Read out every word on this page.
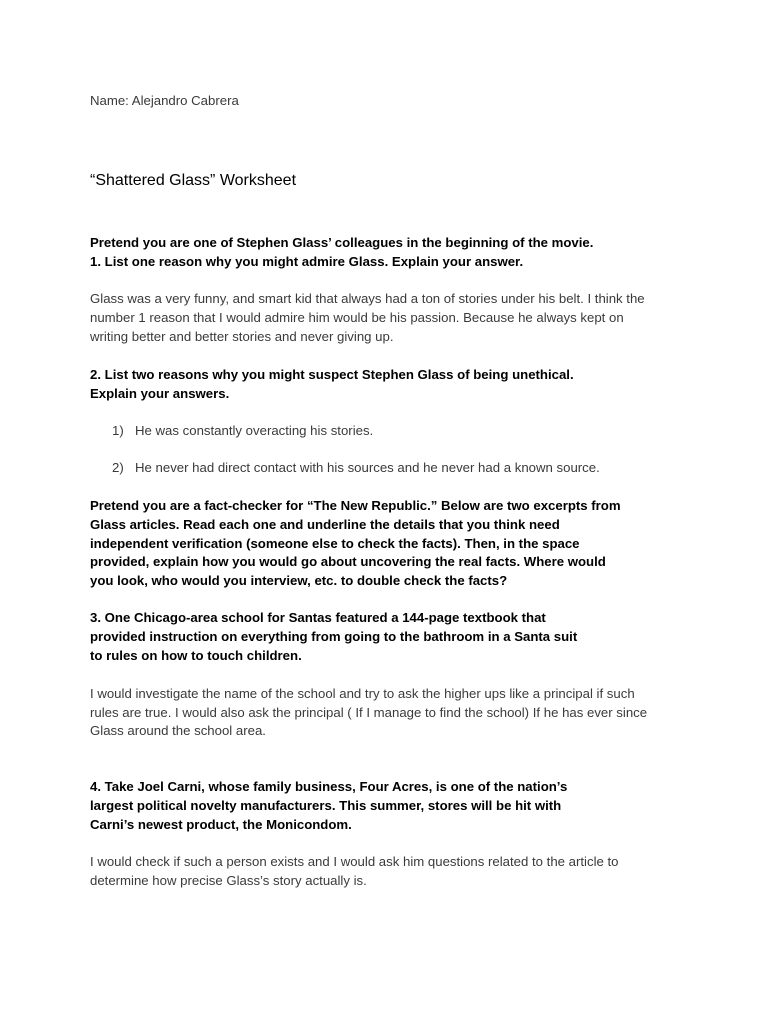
Name: Alejandro Cabrera
“Shattered Glass” Worksheet
Pretend you are one of Stephen Glass’ colleagues in the beginning of the movie.
1. List one reason why you might admire Glass. Explain your answer.
Glass was a very funny, and smart kid that always had a ton of stories under his belt. I think the
number 1 reason that I would admire him would be his passion. Because he always kept on
writing better and better stories and never giving up.
2. List two reasons why you might suspect Stephen Glass of being unethical.
Explain your answers.
1) He was constantly overacting his stories.
2) He never had direct contact with his sources and he never had a known source.
Pretend you are a fact-checker for “The New Republic.” Below are two excerpts from
Glass articles. Read each one and underline the details that you think need
independent verification (someone else to check the facts). Then, in the space
provided, explain how you would go about uncovering the real facts. Where would
you look, who would you interview, etc. to double check the facts?
3. One Chicago-area school for Santas featured a 144-page textbook that
provided instruction on everything from going to the bathroom in a Santa suit
to rules on how to touch children.
I would investigate the name of the school and try to ask the higher ups like a principal if such
rules are true. I would also ask the principal ( If I manage to find the school) If he has ever since
Glass around the school area.
4. Take Joel Carni, whose family business, Four Acres, is one of the nation’s
largest political novelty manufacturers. This summer, stores will be hit with
Carni’s newest product, the Monicondom.
I would check if such a person exists and I would ask him questions related to the article to
determine how precise Glass’s story actually is.
